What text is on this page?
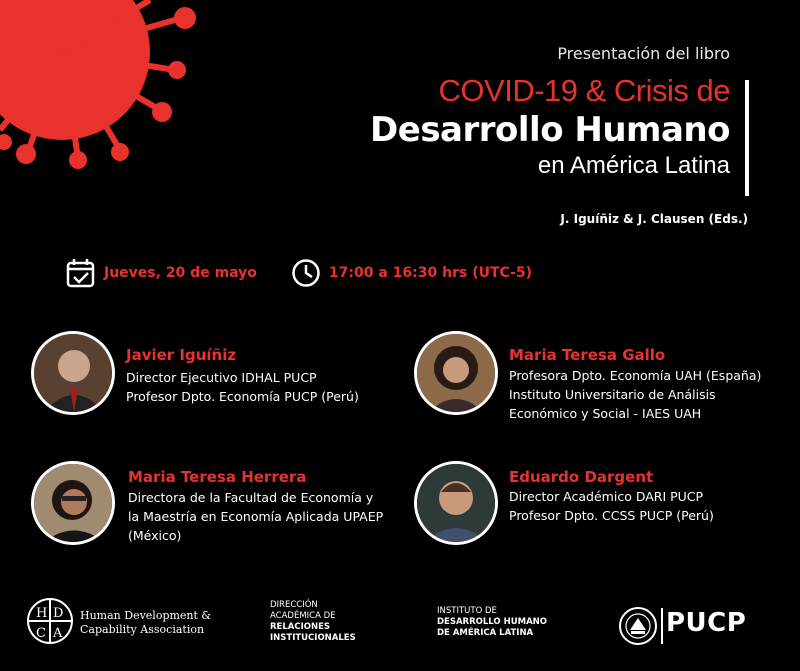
Presentación del libro
COVID-19 & Crisis de
Desarrollo Humano
en América Latina
J. Iguíñiz & J. Clausen (Eds.)
Jueves, 20 de mayo	17:00 a 16:30 hrs (UTC-5)
Javier Iguíñiz
Director Ejecutivo IDHAL PUCP
Profesor Dpto. Economía PUCP (Perú)
Maria Teresa Gallo
Profesora Dpto. Economía UAH (España)
Instituto Universitario de Análisis
Económico y Social - IAES UAH
Maria Teresa Herrera
Directora de la Facultad de Economía y
la Maestría en Economía Aplicada UPAEP
(México)
Eduardo Dargent
Director Académico DARI PUCP
Profesor Dpto. CCSS PUCP (Perú)
H D
C A
Human Development &
Capability Association
DIRECCIÓN
ACADÉMICA DE
RELACIONES
INSTITUCIONALES
INSTITUTO DE
DESARROLLO HUMANO
DE AMÉRICA LATINA	PUCP
